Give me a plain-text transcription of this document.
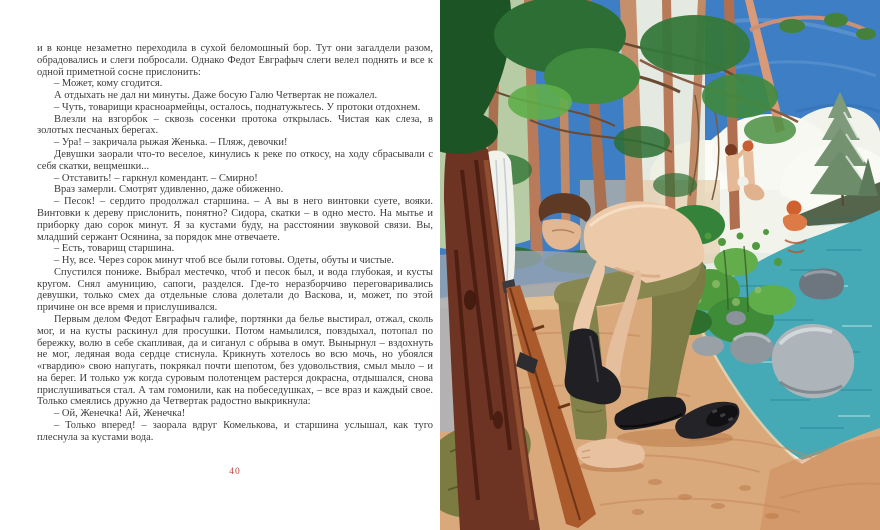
и в конце незаметно переходила в сухой беломошный бор. Тут они загалдели разом, обрадовались и слеги побросали. Однако Федот Евграфыч слеги велел поднять и все к одной приметной сосне прислонить:

– Может, кому сгодится.

А отдыхать не дал ни минуты. Даже босую Галю Четвертак не пожалел.

– Чуть, товарищи красноармейцы, осталось, поднатужьтесь. У протоки отдохнем.

Влезли на взгорбок – сквозь сосенки протока открылась. Чистая как слеза, в золотых песчаных берегах.

– Ура! – закричала рыжая Женька. – Пляж, девочки!

Девушки заорали что-то веселое, кинулись к реке по откосу, на ходу сбрасывали с себя скатки, вещмешки...

– Отставить! – гаркнул комендант. – Смирно!

Враз замерли. Смотрят удивленно, даже обиженно.

– Песок! – сердито продолжал старшина. – А вы в него винтовки суете, вояки. Винтовки к дереву прислонить, понятно? Сидора, скатки – в одно место. На мытье и приборку даю сорок минут. Я за кустами буду, на расстоянии звуковой связи. Вы, младший сержант Осянина, за порядок мне отвечаете.

– Есть, товарищ старшина.

– Ну, все. Через сорок минут чтоб все были готовы. Одеты, обуты и чистые.

Спустился пониже. Выбрал местечко, чтоб и песок был, и вода глубокая, и кусты кругом. Снял амуницию, сапоги, разделся. Где-то неразборчиво переговаривались девушки, только смех да отдельные слова долетали до Васкова, и, может, по этой причине он все время и прислушивался.

Первым делом Федот Евграфыч галифе, портянки да белье выстирал, отжал, сколь мог, и на кусты раскинул для просушки. Потом намылился, повздыхал, потопал по бережку, волю в себе скапливая, да и сиганул с обрыва в омут. Вынырнул – вздохнуть не мог, ледяная вода сердце стиснула. Крикнуть хотелось во всю мочь, но убоялся «гвардию» свою напугать, покрякал почти шепотом, без удовольствия, смыл мыло – и на берег. И только уж когда суровым полотенцем растерся докрасна, отдышался, снова прислушиваться стал. А там гомонили, как на побеседушках, – все враз и каждый свое. Только смеялись дружно да Четвертак радостно выкрикнула:

– Ой, Женечка! Ай, Женечка!

– Только вперед! – заорала вдруг Комелькова, и старшина услышал, как туго плеснула за кустами вода.

40
